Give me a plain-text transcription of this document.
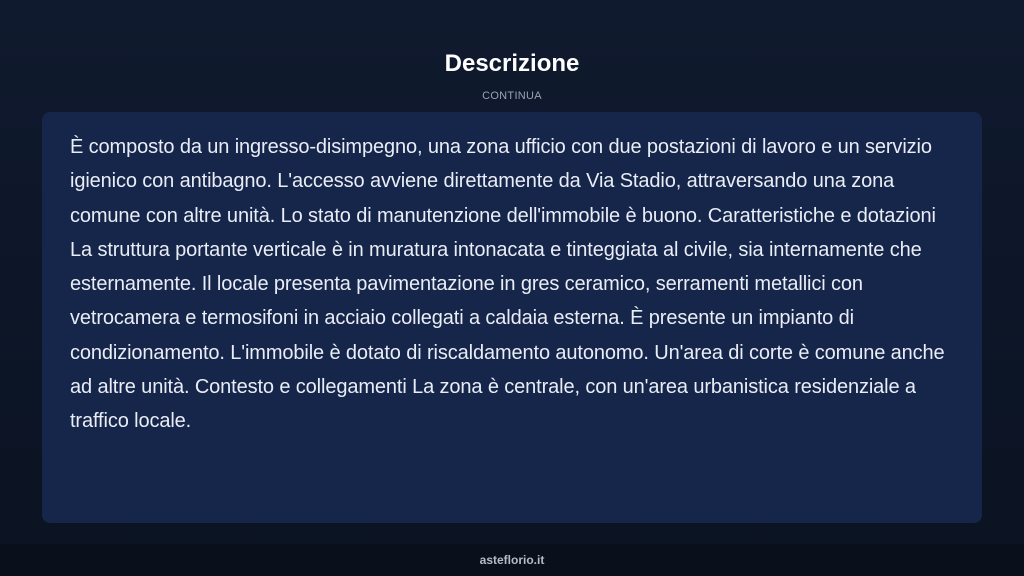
Descrizione
CONTINUA

È composto da un ingresso-disimpegno, una zona ufficio con due postazioni di lavoro e un servizio igienico con antibagno. L'accesso avviene direttamente da Via Stadio, attraversando una zona comune con altre unità. Lo stato di manutenzione dell'immobile è buono. Caratteristiche e dotazioni La struttura portante verticale è in muratura intonacata e tinteggiata al civile, sia internamente che esternamente. Il locale presenta pavimentazione in gres ceramico, serramenti metallici con vetrocamera e termosifoni in acciaio collegati a caldaia esterna. È presente un impianto di condizionamento. L'immobile è dotato di riscaldamento autonomo. Un'area di corte è comune anche ad altre unità. Contesto e collegamenti La zona è centrale, con un'area urbanistica residenziale a traffico locale.

asteflorio.it
